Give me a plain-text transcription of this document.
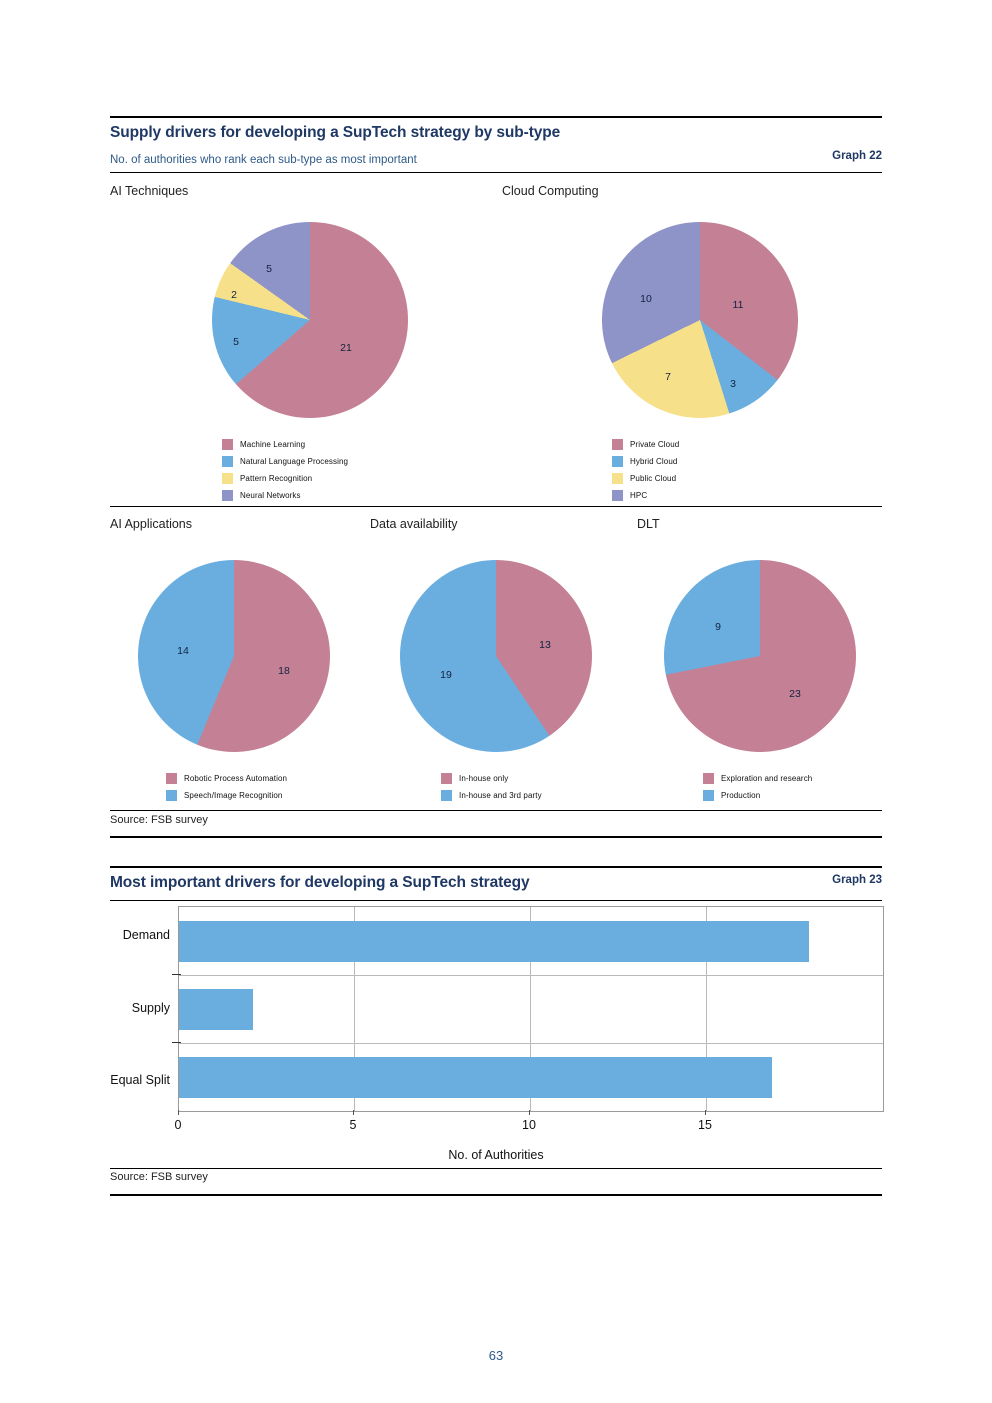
Supply drivers for developing a SupTech strategy by sub-type
Graph 22
No. of authorities who rank each sub-type as most important
AI Techniques	Cloud Computing
21
5
2
5
Machine Learning
Natural Language Processing
Pattern Recognition
Neural Networks
11
3
7
10
Private Cloud
Hybrid Cloud
Public Cloud
HPC
AI Applications	Data availability	DLT
18
14
Robotic Process Automation
Speech/Image Recognition
13
19
In-house only
In-house and 3rd party
23
9
Exploration and research
Production
Source: FSB survey
Graph 23
Most important drivers for developing a SupTech strategy
Demand
Supply
Equal Split
0	5	10	15
No. of Authorities
Source: FSB survey
63
